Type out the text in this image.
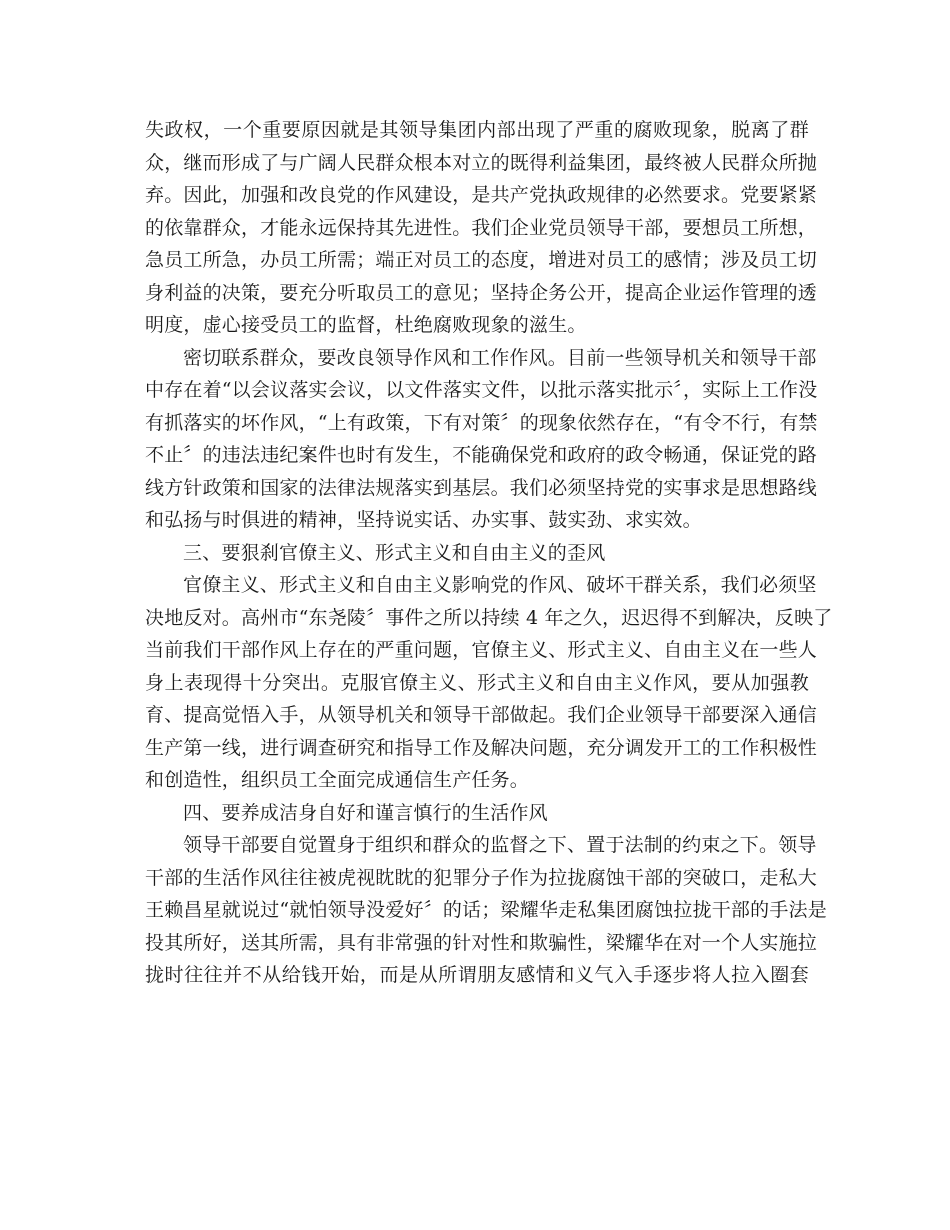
失政权，一个重要原因就是其领导集团内部出现了严重的腐败现象，脱离了群
众，继而形成了与广阔人民群众根本对立的既得利益集团，最终被人民群众所抛
弃。因此，加强和改良党的作风建设，是共产党执政规律的必然要求。党要紧紧
的依靠群众，才能永远保持其先进性。我们企业党员领导干部，要想员工所想，
急员工所急，办员工所需；端正对员工的态度，增进对员工的感情；涉及员工切
身利益的决策，要充分听取员工的意见；坚持企务公开，提高企业运作管理的透
明度，虚心接受员工的监督，杜绝腐败现象的滋生。
密切联系群众，要改良领导作风和工作作风。目前一些领导机关和领导干部
中存在着“以会议落实会议，以文件落实文件，以批示落实批示〞，实际上工作没
有抓落实的坏作风，“上有政策，下有对策〞的现象依然存在，“有令不行，有禁
不止〞的违法违纪案件也时有发生，不能确保党和政府的政令畅通，保证党的路
线方针政策和国家的法律法规落实到基层。我们必须坚持党的实事求是思想路线
和弘扬与时俱进的精神，坚持说实话、办实事、鼓实劲、求实效。
三、要狠刹官僚主义、形式主义和自由主义的歪风
官僚主义、形式主义和自由主义影响党的作风、破坏干群关系，我们必须坚
决地反对。高州市“东尧陵〞事件之所以持续 4 年之久，迟迟得不到解决，反映了
当前我们干部作风上存在的严重问题，官僚主义、形式主义、自由主义在一些人
身上表现得十分突出。克服官僚主义、形式主义和自由主义作风，要从加强教
育、提高觉悟入手，从领导机关和领导干部做起。我们企业领导干部要深入通信
生产第一线，进行调查研究和指导工作及解决问题，充分调发开工的工作积极性
和创造性，组织员工全面完成通信生产任务。
四、要养成洁身自好和谨言慎行的生活作风
领导干部要自觉置身于组织和群众的监督之下、置于法制的约束之下。领导
干部的生活作风往往被虎视眈眈的犯罪分子作为拉拢腐蚀干部的突破口，走私大
王赖昌星就说过“就怕领导没爱好〞的话；梁耀华走私集团腐蚀拉拢干部的手法是
投其所好，送其所需，具有非常强的针对性和欺骗性，梁耀华在对一个人实施拉
拢时往往并不从给钱开始，而是从所谓朋友感情和义气入手逐步将人拉入圈套
